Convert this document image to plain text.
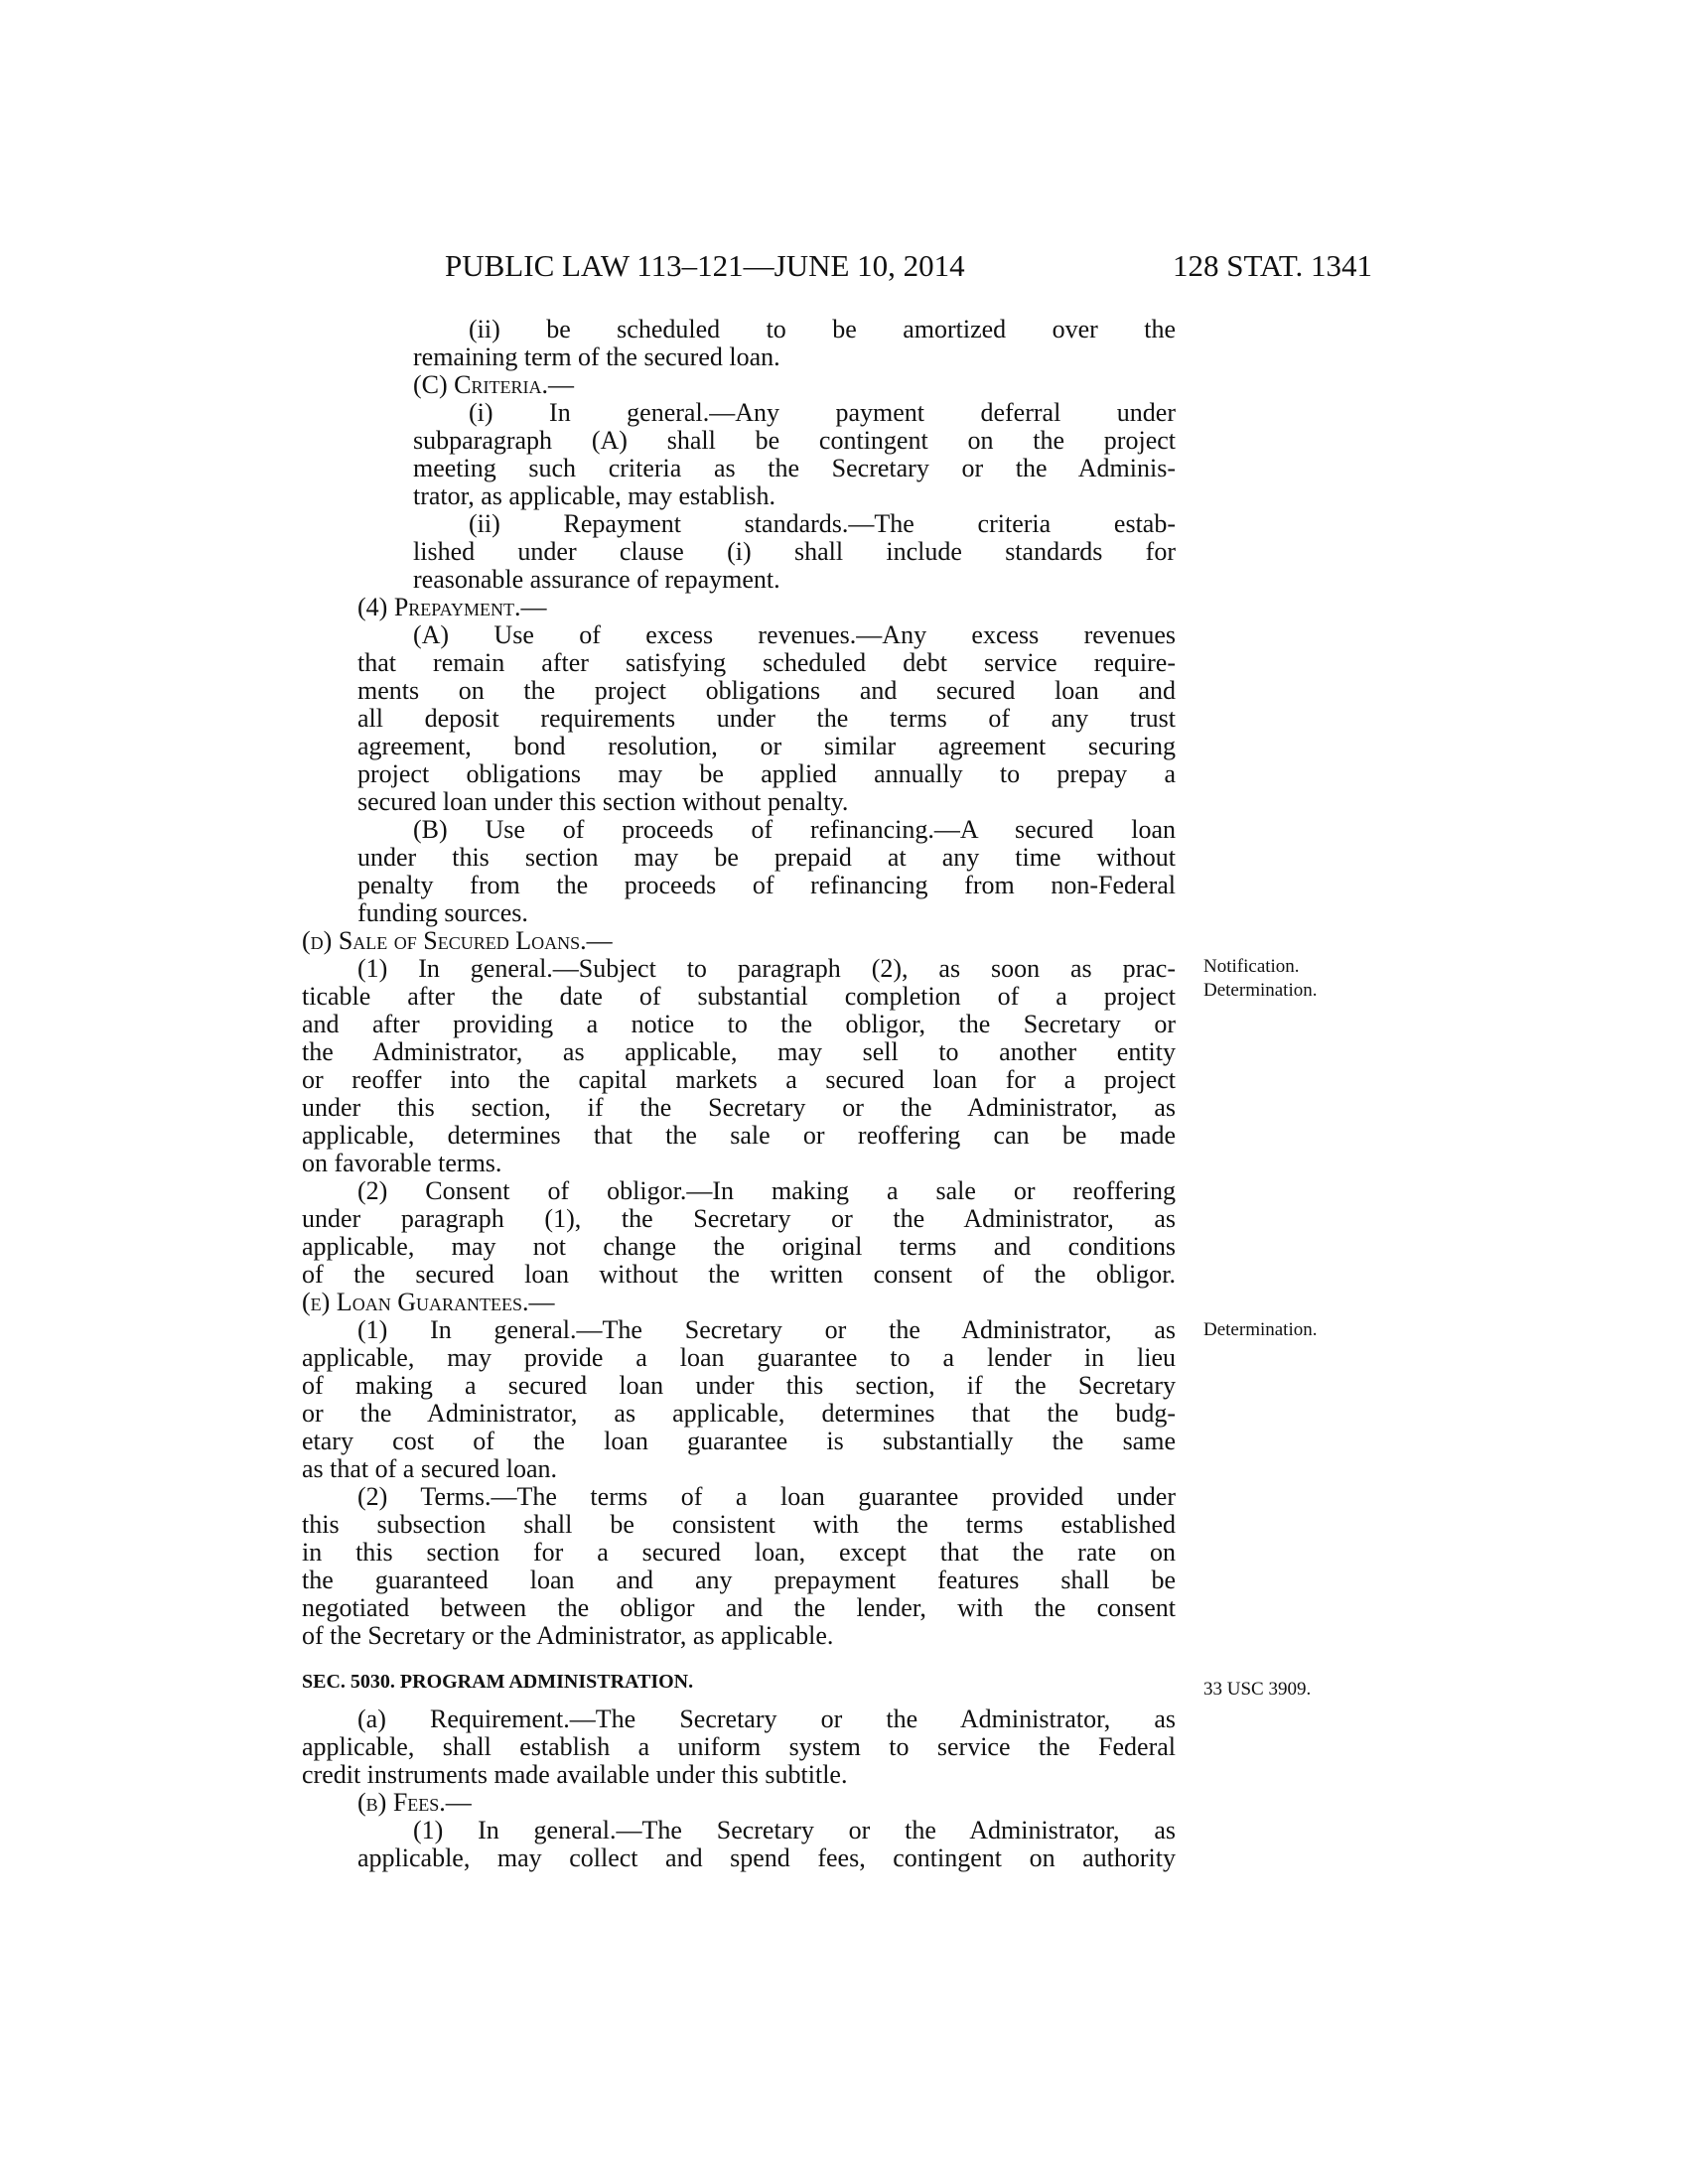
PUBLIC LAW 113–121—JUNE 10, 2014	128 STAT. 1341
Notification.
Determination.
Determination.
33 USC 3909.
(ii) be scheduled to be amortized over the
remaining term of the secured loan.
(C) Criteria.—
(i) In general.—Any payment deferral under
subparagraph (A) shall be contingent on the project
meeting such criteria as the Secretary or the Adminis-
trator, as applicable, may establish.
(ii) Repayment standards.—The criteria estab-
lished under clause (i) shall include standards for
reasonable assurance of repayment.
(4) Prepayment.—
(A) Use of excess revenues.—Any excess revenues
that remain after satisfying scheduled debt service require-
ments on the project obligations and secured loan and
all deposit requirements under the terms of any trust
agreement, bond resolution, or similar agreement securing
project obligations may be applied annually to prepay a
secured loan under this section without penalty.
(B) Use of proceeds of refinancing.—A secured loan
under this section may be prepaid at any time without
penalty from the proceeds of refinancing from non-Federal
funding sources.
(d) Sale of Secured Loans.—
(1) In general.—Subject to paragraph (2), as soon as prac-
ticable after the date of substantial completion of a project
and after providing a notice to the obligor, the Secretary or
the Administrator, as applicable, may sell to another entity
or reoffer into the capital markets a secured loan for a project
under this section, if the Secretary or the Administrator, as
applicable, determines that the sale or reoffering can be made
on favorable terms.
(2) Consent of obligor.—In making a sale or reoffering
under paragraph (1), the Secretary or the Administrator, as
applicable, may not change the original terms and conditions
of the secured loan without the written consent of the obligor.
(e) Loan Guarantees.—
(1) In general.—The Secretary or the Administrator, as
applicable, may provide a loan guarantee to a lender in lieu
of making a secured loan under this section, if the Secretary
or the Administrator, as applicable, determines that the budg-
etary cost of the loan guarantee is substantially the same
as that of a secured loan.
(2) Terms.—The terms of a loan guarantee provided under
this subsection shall be consistent with the terms established
in this section for a secured loan, except that the rate on
the guaranteed loan and any prepayment features shall be
negotiated between the obligor and the lender, with the consent
of the Secretary or the Administrator, as applicable.
SEC. 5030. PROGRAM ADMINISTRATION.
(a) Requirement.—The Secretary or the Administrator, as
applicable, shall establish a uniform system to service the Federal
credit instruments made available under this subtitle.
(b) Fees.—
(1) In general.—The Secretary or the Administrator, as
applicable, may collect and spend fees, contingent on authority
